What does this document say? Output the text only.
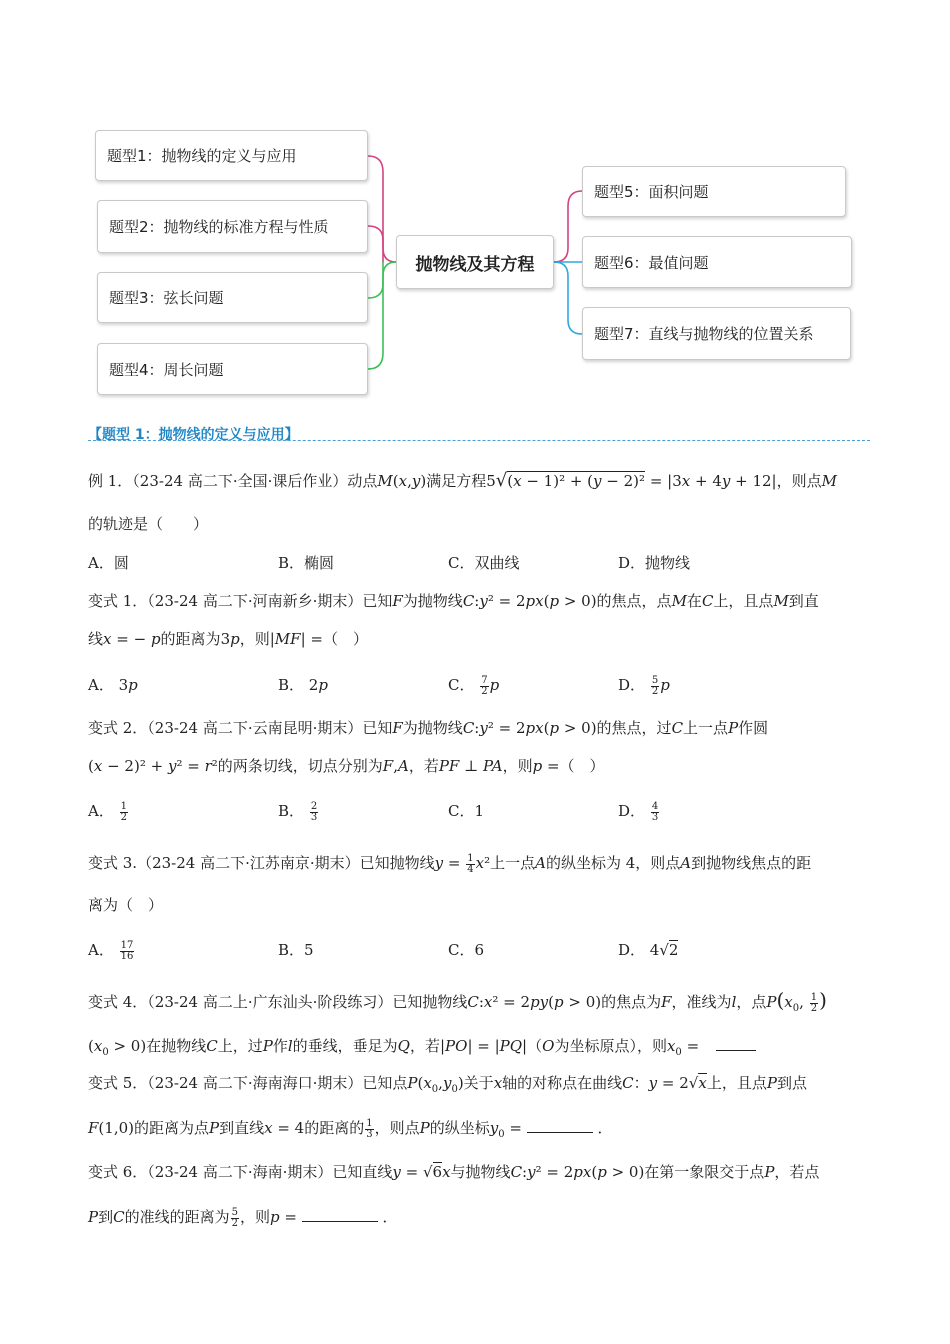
题型1：抛物线的定义与应用
题型2：抛物线的标准方程与性质
题型3：弦长问题
题型4：周长问题
抛物线及其方程
题型5：面积问题
题型6：最值问题
题型7：直线与抛物线的位置关系
【题型 1：抛物线的定义与应用】
例 1．（23-24 高二下·全国·课后作业）动点M(x,y)满足方程5√(x − 1)² + (y − 2)² = |3x + 4y + 12|，则点M
的轨迹是（　　）
A．圆	B．椭圆	C．双曲线	D．抛物线
变式 1．（23-24 高二下·河南新乡·期末）已知F为抛物线C:y² = 2px(p > 0)的焦点，点M在C上，且点M到直
线x = − p的距离为3p，则|MF| =（　）
A． 3p	B． 2p	C． $\frac{7}{2}$ p	D． $\frac{5}{2}$ p
变式 2．（23-24 高二下·云南昆明·期末）已知F为抛物线C:y² = 2px(p > 0)的焦点，过C上一点P作圆
(x − 2)² + y² = r²的两条切线，切点分别为F,A，若PF ⊥ PA，则p =（　）
A． $\frac{1}{2}$	B． $\frac{2}{3}$	C．1	D． $\frac{4}{3}$
变式 3.（23-24 高二下·江苏南京·期末）已知抛物线$y = \frac{1}{4} x^2$上一点A的纵坐标为 4，则点A到抛物线焦点的距
离为（　）
A． $\frac{17}{16}$	B．5	C．6	D． 4√2
变式 4．（23-24 高二上·广东汕头·阶段练习）已知抛物线C:x² = 2py(p > 0)的焦点为F，准线为l，点$P(x_0$, $\frac{1}{2}$ )
$(x_0 > 0)$在抛物线C上，过P作l的垂线，垂足为Q，若|PO| = |PQ|（O为坐标原点），则$x_0$ =
变式 5．（23-24 高二下·海南海口·期末）已知点$P(x_0,y_0)$关于x轴的对称点在曲线C：y = 2√x上，且点P到点
F(1,0)的距离为点P到直线x = 4的距离的 $\frac{1}{3}$ ，则点P的纵坐标$y_0$ =	．
变式 6．（23-24 高二下·海南·期末）已知直线y = √6x与抛物线C:y² = 2px(p > 0)在第一象限交于点P，若点
P到C的准线的距离为 $\frac{5}{2}$ ，则p =	．
